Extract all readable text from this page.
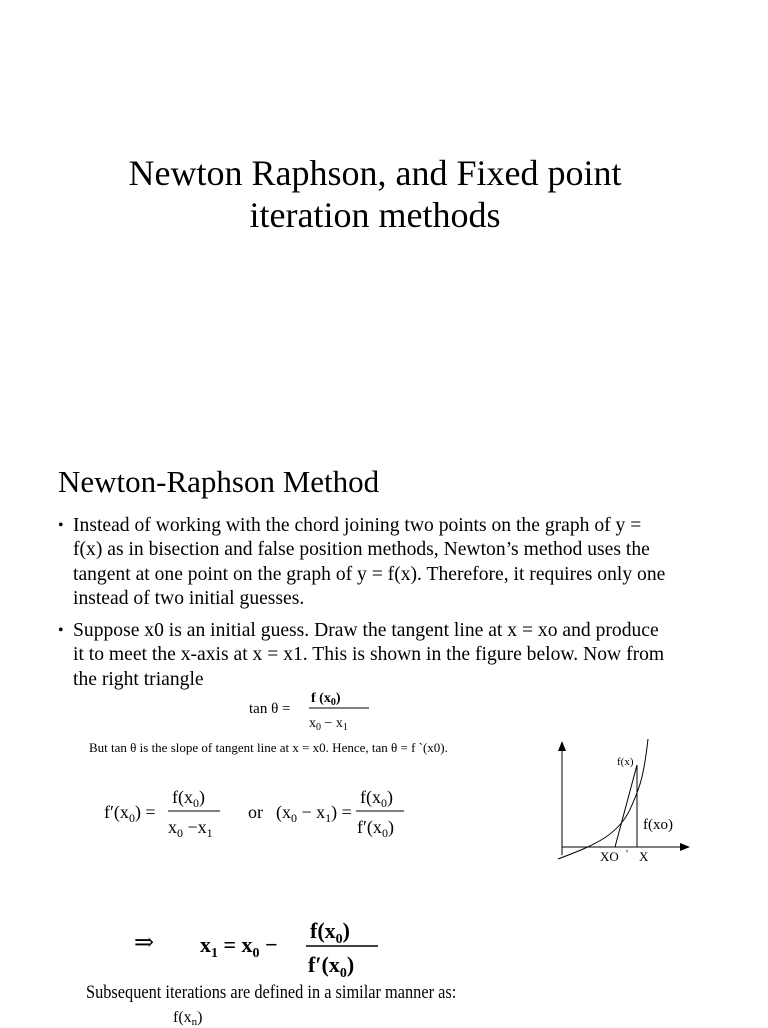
Newton Raphson, and Fixed point
iteration methods
Newton-Raphson Method
• Instead of working with the chord joining two points on the graph of y =
f(x) as in bisection and false position methods, Newton’s method uses the
tangent at one point on the graph of y = f(x). Therefore, it requires only one
instead of two initial guesses.
• Suppose x0 is an initial guess. Draw the tangent line at x = xo and produce
it to meet the x-axis at x = x1. This is shown in the figure below. Now from
the right triangle
tan θ =
f $(x_0)$
$x_0 - x_1$
But tan θ is the slope of tangent line at x = x0. Hence, tan θ = f `(x0).
$f'(x_0)$ =
$f(x_0)$
$x_0 -x_1$
or $(x_0 - x_1)$ =
$f(x_0)$
$f'(x_0)$
⇒ $x_1 = x_0$ −
$f(x_0)$
$f'(x_0)$
f(x)
f(xo)
XO ' X
Subsequent iterations are defined in a similar manner as:
f(xn)
